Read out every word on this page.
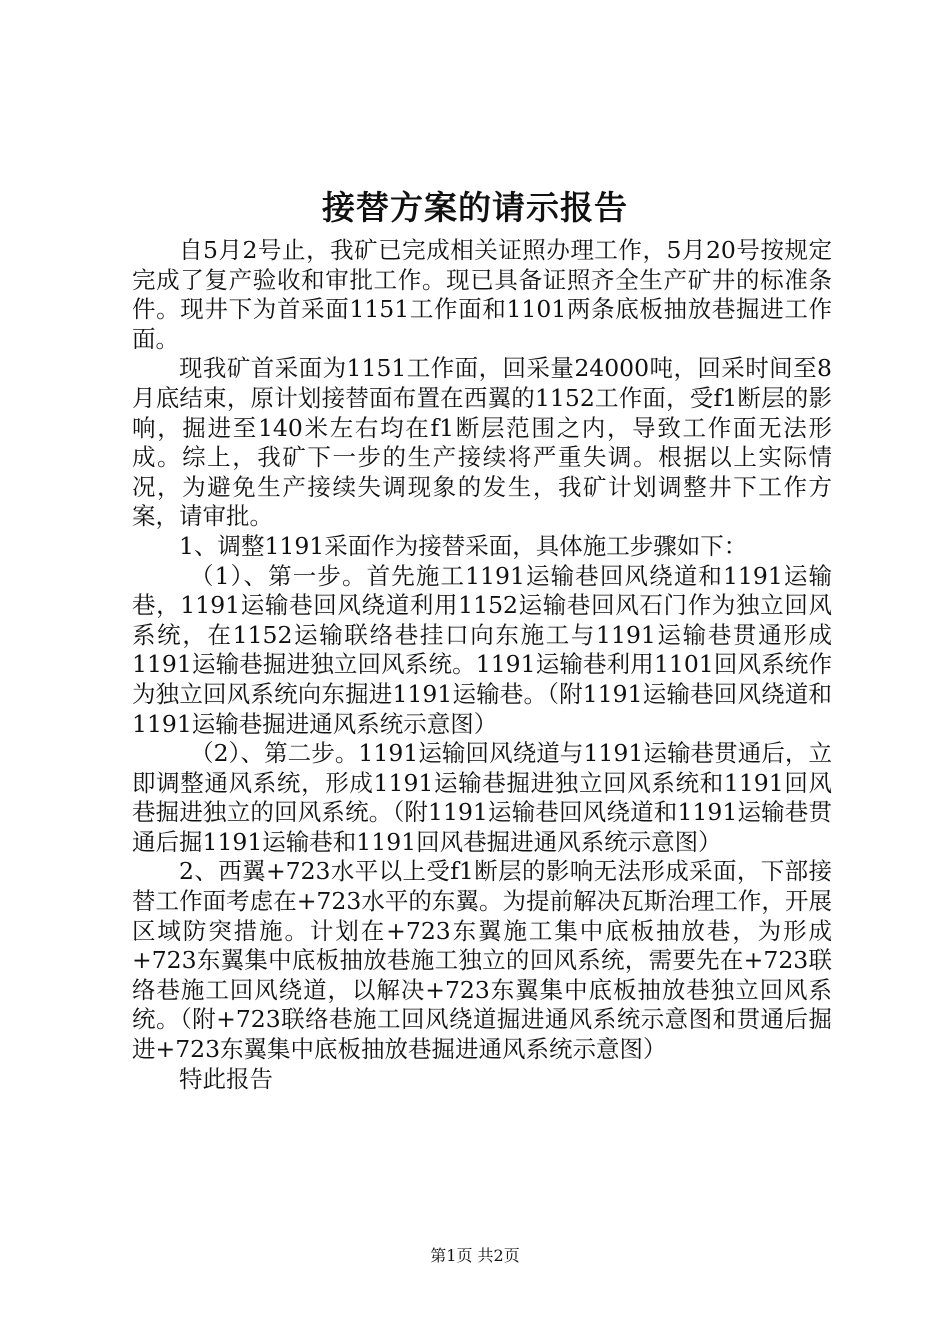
接替方案的请示报告

自5月2号止，我矿已完成相关证照办理工作，5月20号按规定完成了复产验收和审批工作。现已具备证照齐全生产矿井的标准条件。现井下为首采面1151工作面和1101两条底板抽放巷掘进工作面。

现我矿首采面为1151工作面，回采量24000吨，回采时间至8月底结束，原计划接替面布置在西翼的1152工作面，受f1断层的影响，掘进至140米左右均在f1断层范围之内，导致工作面无法形成。综上，我矿下一步的生产接续将严重失调。根据以上实际情况，为避免生产接续失调现象的发生，我矿计划调整井下工作方案，请审批。

1、调整1191采面作为接替采面，具体施工步骤如下：

（1）、第一步。首先施工1191运输巷回风绕道和1191运输巷，1191运输巷回风绕道利用1152运输巷回风石门作为独立回风系统，在1152运输联络巷挂口向东施工与1191运输巷贯通形成1191运输巷掘进独立回风系统。1191运输巷利用1101回风系统作为独立回风系统向东掘进1191运输巷。（附1191运输巷回风绕道和1191运输巷掘进通风系统示意图）

（2）、第二步。1191运输回风绕道与1191运输巷贯通后，立即调整通风系统，形成1191运输巷掘进独立回风系统和1191回风巷掘进独立的回风系统。（附1191运输巷回风绕道和1191运输巷贯通后掘1191运输巷和1191回风巷掘进通风系统示意图）

2、西翼+723水平以上受f1断层的影响无法形成采面，下部接替工作面考虑在+723水平的东翼。为提前解决瓦斯治理工作，开展区域防突措施。计划在+723东翼施工集中底板抽放巷，为形成+723东翼集中底板抽放巷施工独立的回风系统，需要先在+723联络巷施工回风绕道，以解决+723东翼集中底板抽放巷独立回风系统。（附+723联络巷施工回风绕道掘进通风系统示意图和贯通后掘进+723东翼集中底板抽放巷掘进通风系统示意图）

特此报告

第1页 共2页
